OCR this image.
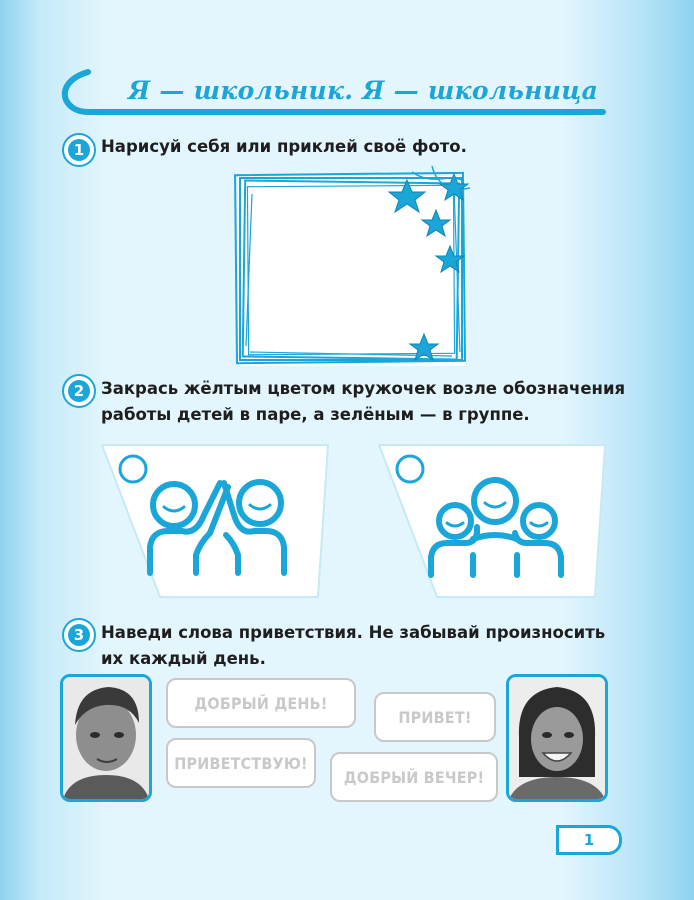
Я — школьник. Я — школьница
1	Нарисуй себя или приклей своё фото.
2	Закрась жёлтым цветом кружочек возле обозначения
работы детей в паре, а зелёным — в группе.
3	Наведи слова приветствия. Не забывай произносить
их каждый день.
ДОБРЫЙ ДЕНЬ!
ПРИВЕТ!
ПРИВЕТСТВУЮ!
ДОБРЫЙ ВЕЧЕР!
1
